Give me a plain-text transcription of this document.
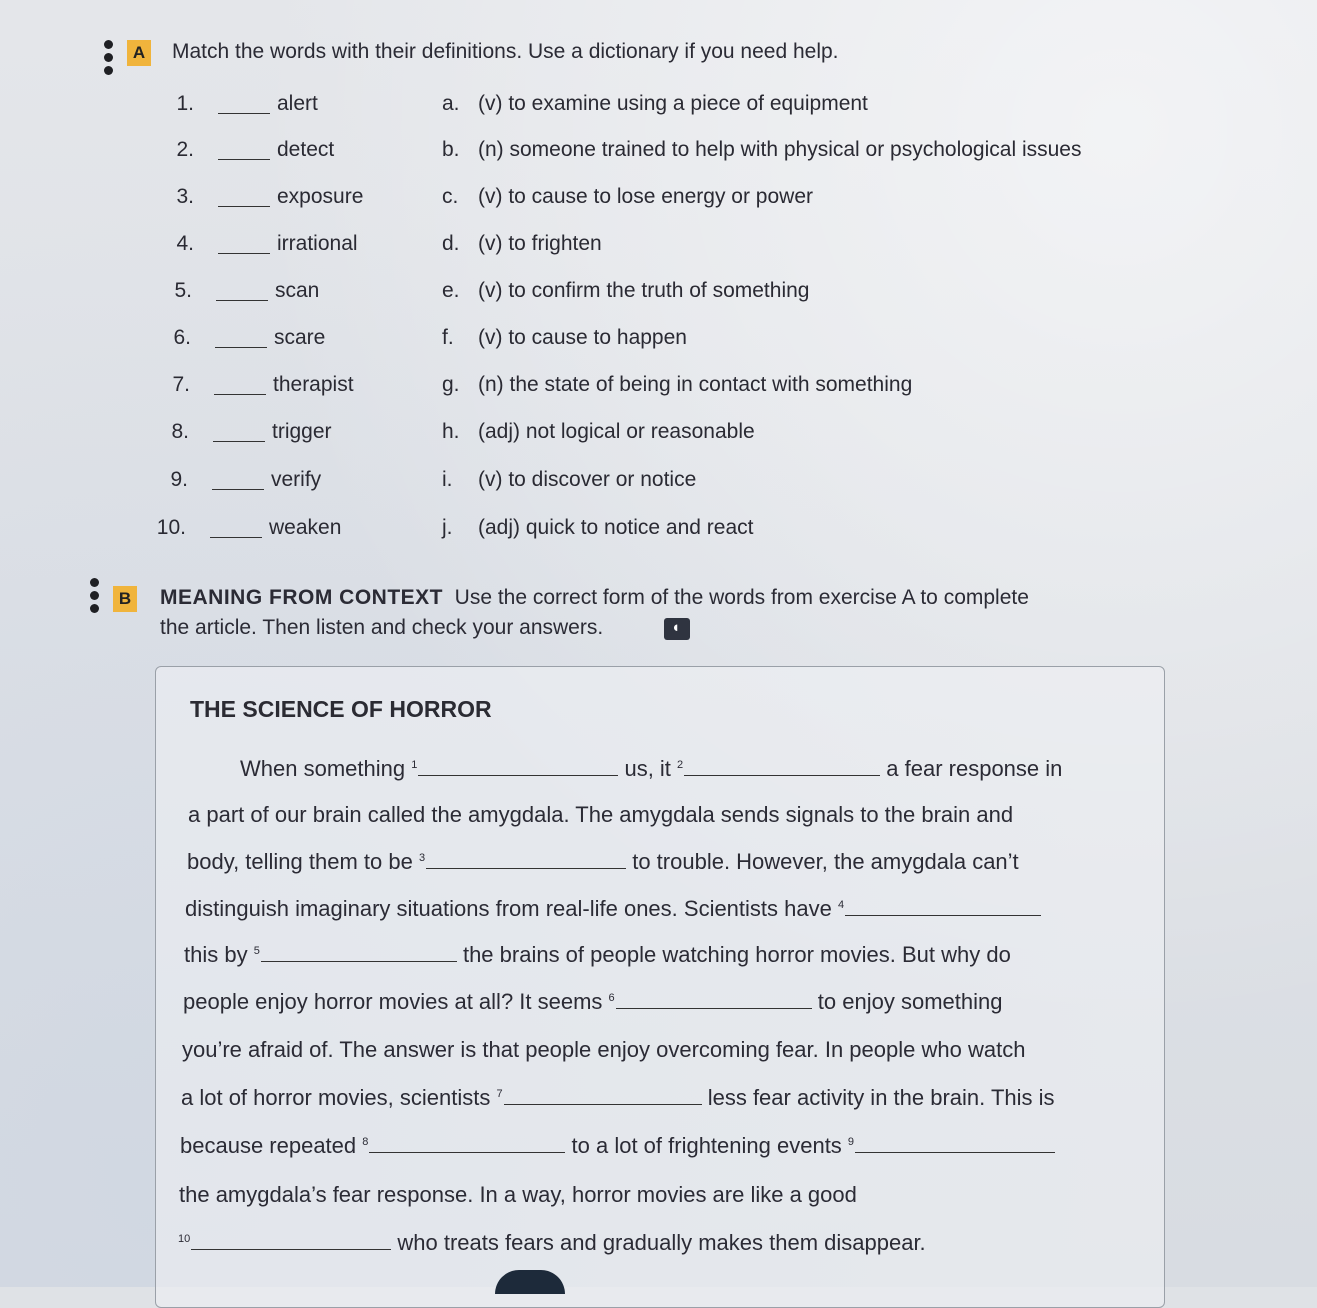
A Match the words with their definitions. Use a dictionary if you need help.
1.	alert	a. (v) to examine using a piece of equipment
2.	detect	b. (n) someone trained to help with physical or psychological issues
3.	exposure	c. (v) to cause to lose energy or power
4.	irrational	d. (v) to frighten
5.	scan	e. (v) to confirm the truth of something
6.	scare	f.	(v) to cause to happen
7.	therapist	g. (n) the state of being in contact with something
8.	trigger	h. (adj) not logical or reasonable
9.	verify	i.	(v) to discover or notice
10.	weaken	j.	(adj) quick to notice and react
B MEANING FROM CONTEXT Use the correct form of the words from exercise A to complete
the article. Then listen and check your answers.
◖
THE SCIENCE OF HORROR
When something $^1$	us, it $^2$	a fear response in
a part of our brain called the amygdala. The amygdala sends signals to the brain and
body, telling them to be $^3$	to trouble. However, the amygdala can’t
distinguish imaginary situations from real-life ones. Scientists have $^4$
this by $^5$	the brains of people watching horror movies. But why do
people enjoy horror movies at all? It seems $^6$	to enjoy something
you’re afraid of. The answer is that people enjoy overcoming fear. In people who watch
a lot of horror movies, scientists $^7$	less fear activity in the brain. This is
because repeated $^8$	to a lot of frightening events $^9$
the amygdala’s fear response. In a way, horror movies are like a good
$^{10}$	who treats fears and gradually makes them disappear.
